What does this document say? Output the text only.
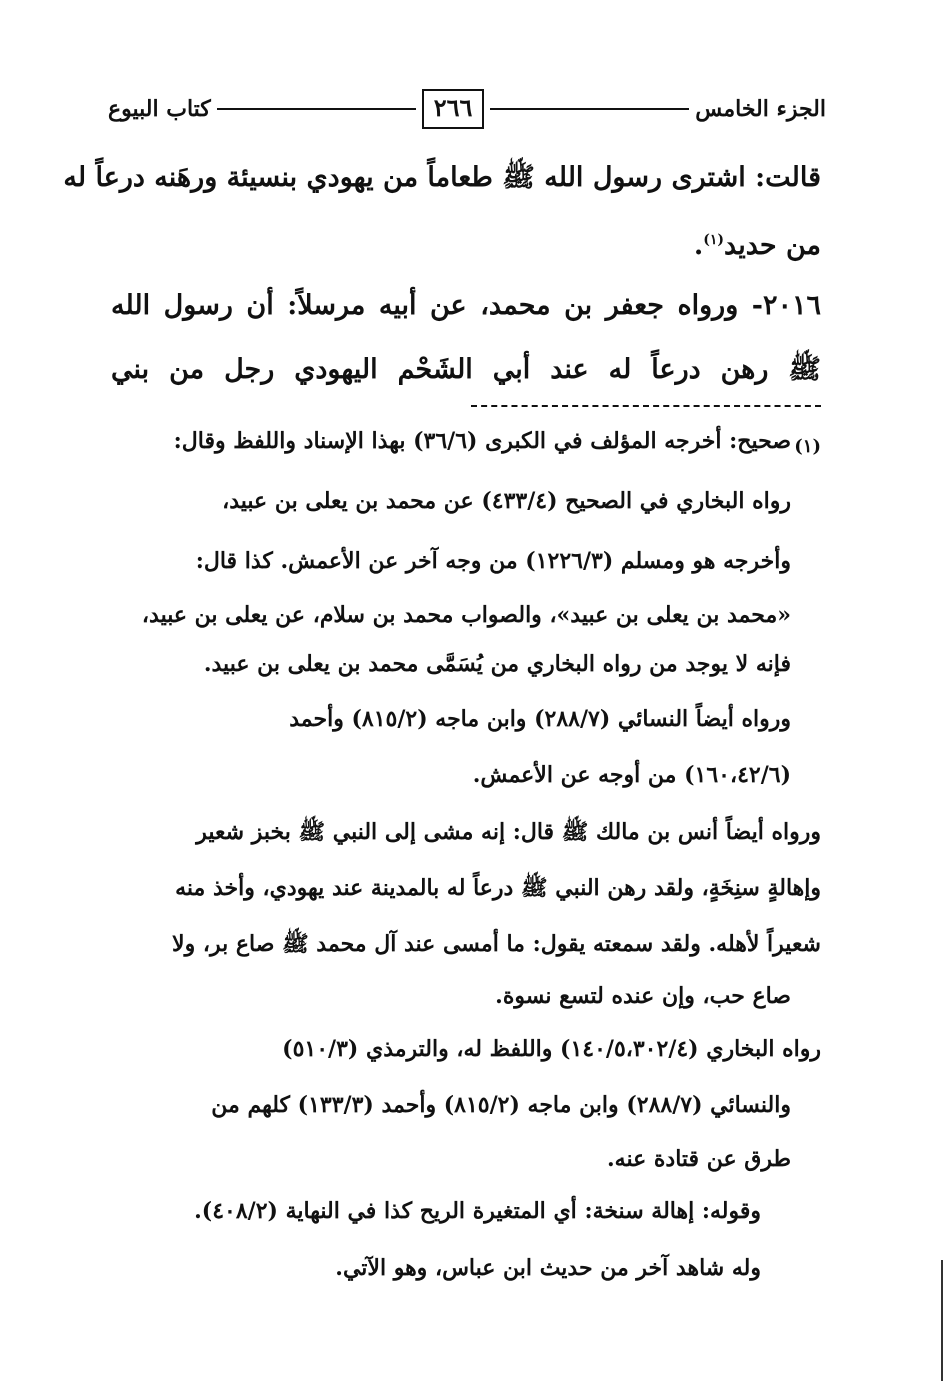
الجزء الخامس
٢٦٦
كتاب البيوع
قالت: اشترى رسول الله ﷺ طعاماً من يهودي بنسيئة ورهَنه درعاً له
من حديد$^{(١)}$.
٢٠١٦- ورواه جعفر بن محمد، عن أبيه مرسلاً: أن رسول الله
ﷺ رهن درعاً له عند أبي الشَحْم اليهودي رجل من بني
(١)
صحيح: أخرجه المؤلف في الكبرى (٣٦/٦) بهذا الإسناد واللفظ وقال:
رواه البخاري في الصحيح (٤٣٣/٤) عن محمد بن يعلى بن عبيد،
وأخرجه هو ومسلم (١٢٢٦/٣) من وجه آخر عن الأعمش. كذا قال:
«محمد بن يعلى بن عبيد»، والصواب محمد بن سلام، عن يعلى بن عبيد،
فإنه لا يوجد من رواه البخاري من يُسَمَّى محمد بن يعلى بن عبيد.
ورواه أيضاً النسائي (٢٨٨/٧) وابن ماجه (٨١٥/٢) وأحمد
(١٦٠،٤٢/٦) من أوجه عن الأعمش.
ورواه أيضاً أنس بن مالك ﷺ قال: إنه مشى إلى النبي ﷺ بخبز شعير
وإهالةٍ سنِخَةٍ، ولقد رهن النبي ﷺ درعاً له بالمدينة عند يهودي، وأخذ منه
شعيراً لأهله. ولقد سمعته يقول: ما أمسى عند آل محمد ﷺ صاع بر، ولا
صاع حب، وإن عنده لتسع نسوة.
رواه البخاري (١٤٠/٥،٣٠٢/٤) واللفظ له، والترمذي (٥١٠/٣)
والنسائي (٢٨٨/٧) وابن ماجه (٨١٥/٢) وأحمد (١٣٣/٣) كلهم من
طرق عن قتادة عنه.
وقوله: إهالة سنخة: أي المتغيرة الريح كذا في النهاية (٤٠٨/٢).
وله شاهد آخر من حديث ابن عباس، وهو الآتي.
